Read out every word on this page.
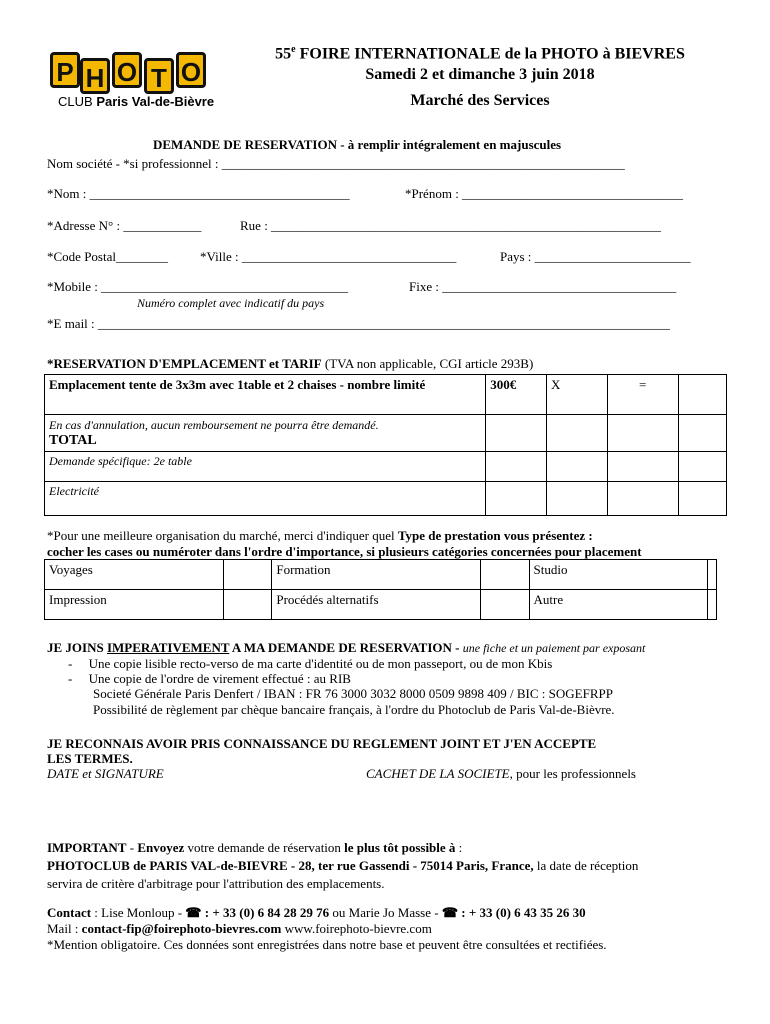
P H O T O
CLUB Paris Val-de-Bièvre
55e FOIRE INTERNATIONALE de la PHOTO à BIEVRES
Samedi 2 et dimanche 3 juin 2018
Marché des Services
DEMANDE DE RESERVATION - à remplir intégralement en majuscules
Nom société - *si professionnel : ______________________________________________________________
*Nom : ________________________________________	*Prénom : __________________________________
*Adresse N° : ____________	Rue : ____________________________________________________________
*Code Postal________ *Ville : _________________________________	Pays : ________________________
*Mobile : ______________________________________	Fixe : ____________________________________
Numéro complet avec indicatif du pays
*E mail : ________________________________________________________________________________________
*RESERVATION D'EMPLACEMENT et TARIF (TVA non applicable, CGI article 293B)
Emplacement tente de 3x3m avec 1table et 2 chaises - nombre limité	300€	X	=	

En cas d'annulation, aucun remboursement ne pourra être demandé.
TOTAL				

Demande spécifique: 2e table				
Electricité				
*Pour une meilleure organisation du marché, merci d'indiquer quel Type de prestation vous présentez :
cocher les cases ou numéroter dans l'ordre d'importance, si plusieurs catégories concernées pour placement
Voyages		Formation		Studio	
Impression		Procédés alternatifs		Autre	
JE JOINS IMPERATIVEMENT A MA DEMANDE DE RESERVATION - une fiche et un paiement par exposant
-     Une copie lisible recto-verso de ma carte d'identité ou de mon passeport, ou de mon Kbis
-     Une copie de l'ordre de virement effectué : au RIB
Societé Générale Paris Denfert / IBAN : FR 76 3000 3032 8000 0509 9898 409 / BIC : SOGEFRPP
Possibilité de règlement par chèque bancaire français, à l'ordre du Photoclub de Paris Val-de-Bièvre.
JE RECONNAIS AVOIR PRIS CONNAISSANCE DU REGLEMENT JOINT ET J'EN ACCEPTE
LES TERMES.
DATE et SIGNATURE	CACHET DE LA SOCIETE, pour les professionnels
IMPORTANT - Envoyez votre demande de réservation le plus tôt possible à :
PHOTOCLUB de PARIS VAL-de-BIEVRE - 28, ter rue Gassendi - 75014 Paris, France, la date de réception
servira de critère d'arbitrage pour l'attribution des emplacements.
Contact : Lise Monloup - ☎ : + 33 (0) 6 84 28 29 76 ou Marie Jo Masse - ☎ : + 33 (0) 6 43 35 26 30
Mail : contact-fip@foirephoto-bievres.com www.foirephoto-bievre.com
*Mention obligatoire. Ces données sont enregistrées dans notre base et peuvent être consultées et rectifiées.
